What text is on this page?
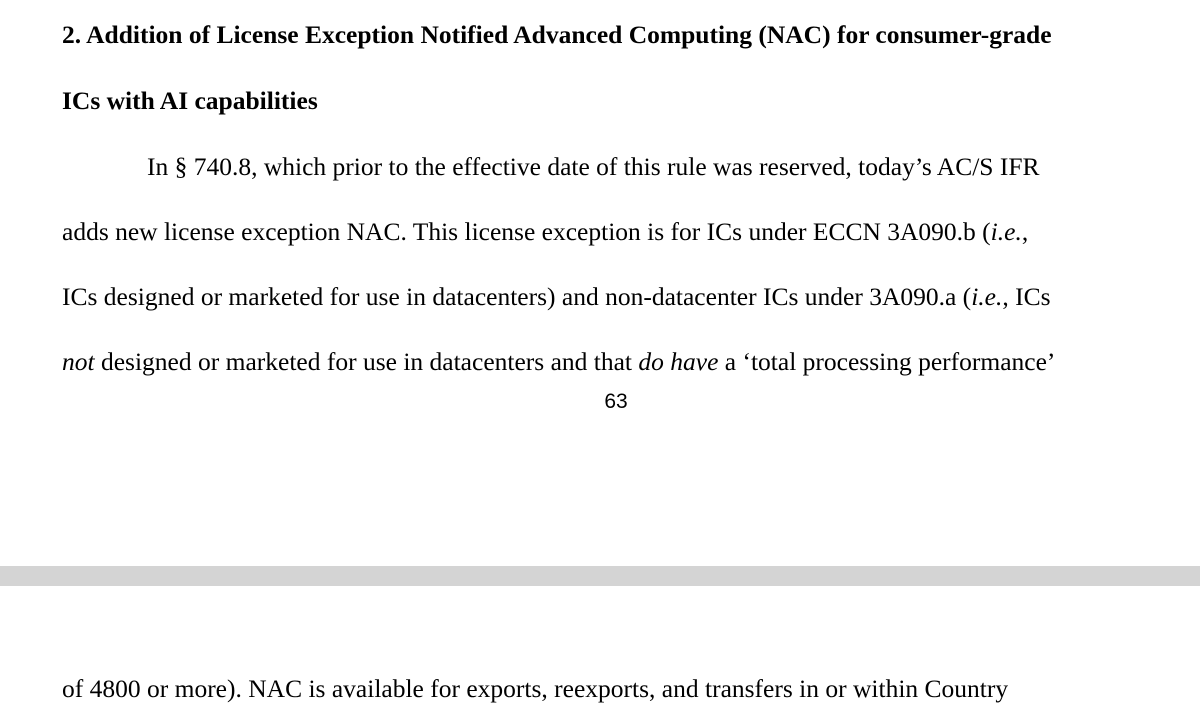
2. Addition of License Exception Notified Advanced Computing (NAC) for consumer-grade
ICs with AI capabilities
In § 740.8, which prior to the effective date of this rule was reserved, today’s AC/S IFR
adds new license exception NAC. This license exception is for ICs under ECCN 3A090.b (i.e.,
ICs designed or marketed for use in datacenters) and non-datacenter ICs under 3A090.a (i.e., ICs
not designed or marketed for use in datacenters and that do have a ‘total processing performance’
63
of 4800 or more). NAC is available for exports, reexports, and transfers in or within Country
